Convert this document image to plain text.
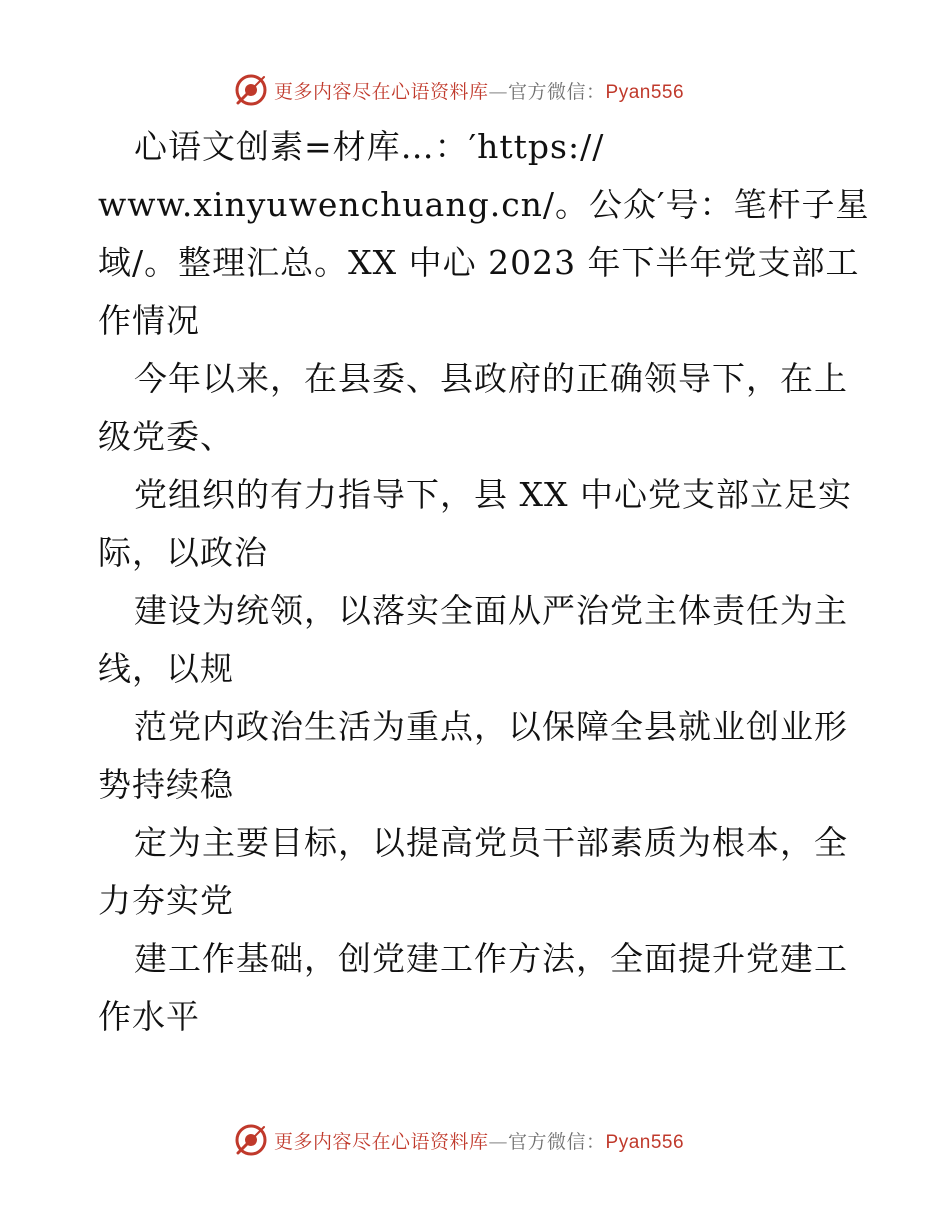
更多内容尽在心语资料库—官方微信：Pyan556
心语文创素=材库…：′https://
www.xinyuwenchuang.cn/。公众′号：笔杆子星
域/。整理汇总。XX 中心 2023 年下半年党支部工
作情况
今年以来，在县委、县政府的正确领导下，在上
级党委、
党组织的有力指导下，县 XX 中心党支部立足实
际，以政治
建设为统领，以落实全面从严治党主体责任为主
线，以规
范党内政治生活为重点，以保障全县就业创业形
势持续稳
定为主要目标，以提高党员干部素质为根本，全
力夯实党
建工作基础，创党建工作方法，全面提升党建工
作水平
更多内容尽在心语资料库—官方微信：Pyan556
